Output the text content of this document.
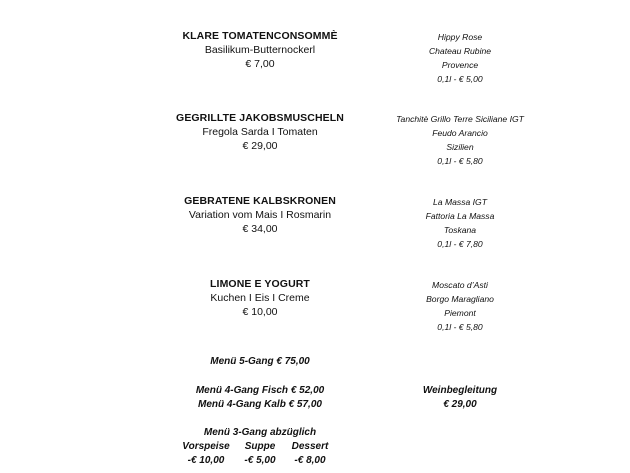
KLARE TOMATENCONSOMMÈ
Basilikum-Butternockerl
€ 7,00
Hippy Rose
Chateau Rubine
Provence
0,1l - € 5,00
GEGRILLTE JAKOBSMUSCHELN
Fregola Sarda I Tomaten
€ 29,00
Tanchitè Grillo Terre Siciliane IGT
Feudo Arancio
Sizilien
0,1l - € 5,80
GEBRATENE KALBSKRONEN
Variation vom Mais I Rosmarin
€ 34,00
La Massa IGT
Fattoria La Massa
Toskana
0,1l - € 7,80
LIMONE E YOGURT
Kuchen I Eis I Creme
€ 10,00
Moscato d’Asti
Borgo Maragliano
Piemont
0,1l - € 5,80
Menü 5-Gang € 75,00
Menü 4-Gang Fisch € 52,00
Menü 4-Gang Kalb € 57,00
Menü 3-Gang abzüglich
Vorspeise
-€ 10,00
Suppe
-€ 5,00
Dessert
-€ 8,00
Weinbegleitung
€ 29,00
